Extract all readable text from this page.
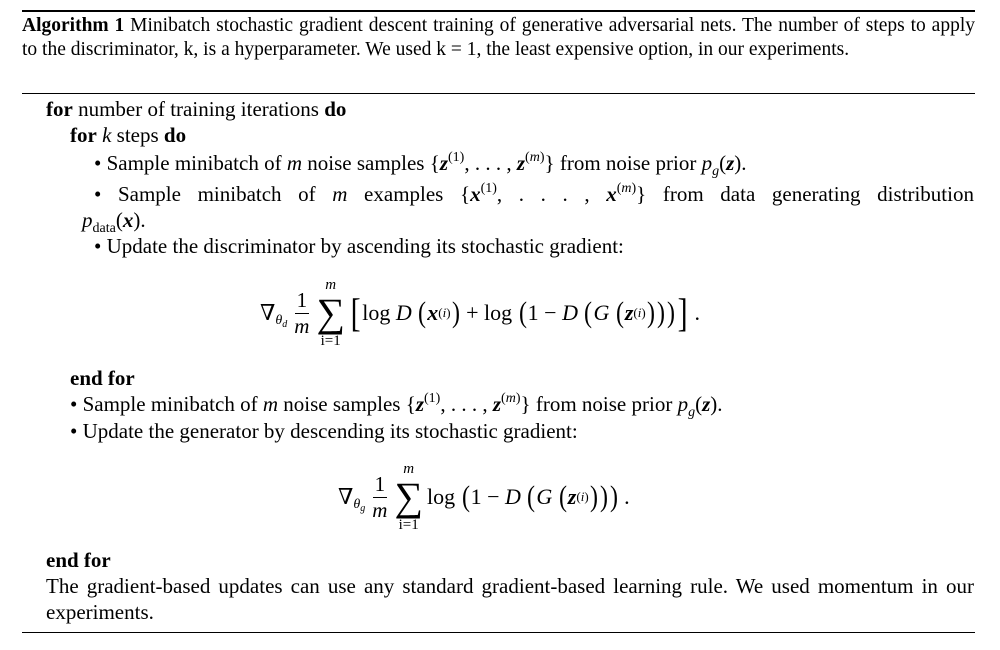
Algorithm 1 Minibatch stochastic gradient descent training of generative adversarial nets. The number of steps to apply to the discriminator, k, is a hyperparameter. We used k = 1, the least expensive option, in our experiments.

for number of training iterations do
for k steps do
• Sample minibatch of m noise samples {$z^{(1)}$, . . . , $z^{(m)}$} from noise prior $p_g(z)$.
• Sample minibatch of m examples {$x^{(1)}$, . . . , $x^{(m)}$} from data generating distribution
$p_{data}(x)$.
• Update the discriminator by ascending its stochastic gradient:
∇ θ d $\frac{1}{m}$
m
∑
i=1
[ log D
( x (i) ) + log ( 1 − D
( G
( z (i) ) ) ) ] .
end for
• Sample minibatch of m noise samples {$z^{(1)}$, . . . , $z^{(m)}$} from noise prior $p_g(z)$.
• Update the generator by descending its stochastic gradient:
∇ θ g $\frac{1}{m}$
m
∑
i=1
log ( 1 − D
( G
( z (i) ) ) ) .
end for
The gradient-based updates can use any standard gradient-based learning rule. We used momentum in our experiments.
